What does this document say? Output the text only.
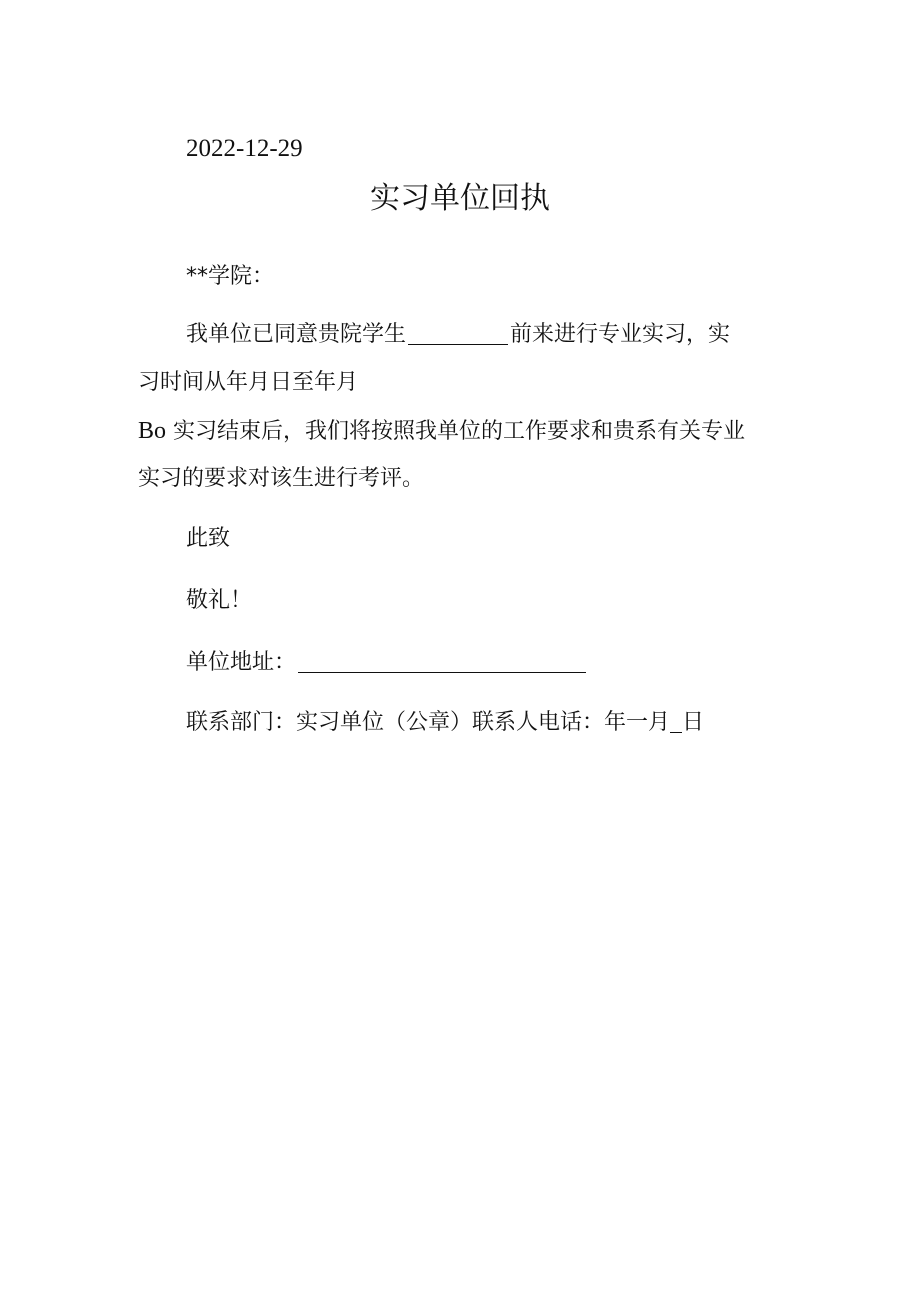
2022-12-29
实习单位回执
**学院：
我单位已同意贵院学生	前来进行专业实习，实
习时间从年月日至年月
Bo 实习结束后，我们将按照我单位的工作要求和贵系有关专业
实习的要求对该生进行考评。
此致
敬礼！
单位地址：
联系部门：实习单位（公章）联系人电话：年一月 日
